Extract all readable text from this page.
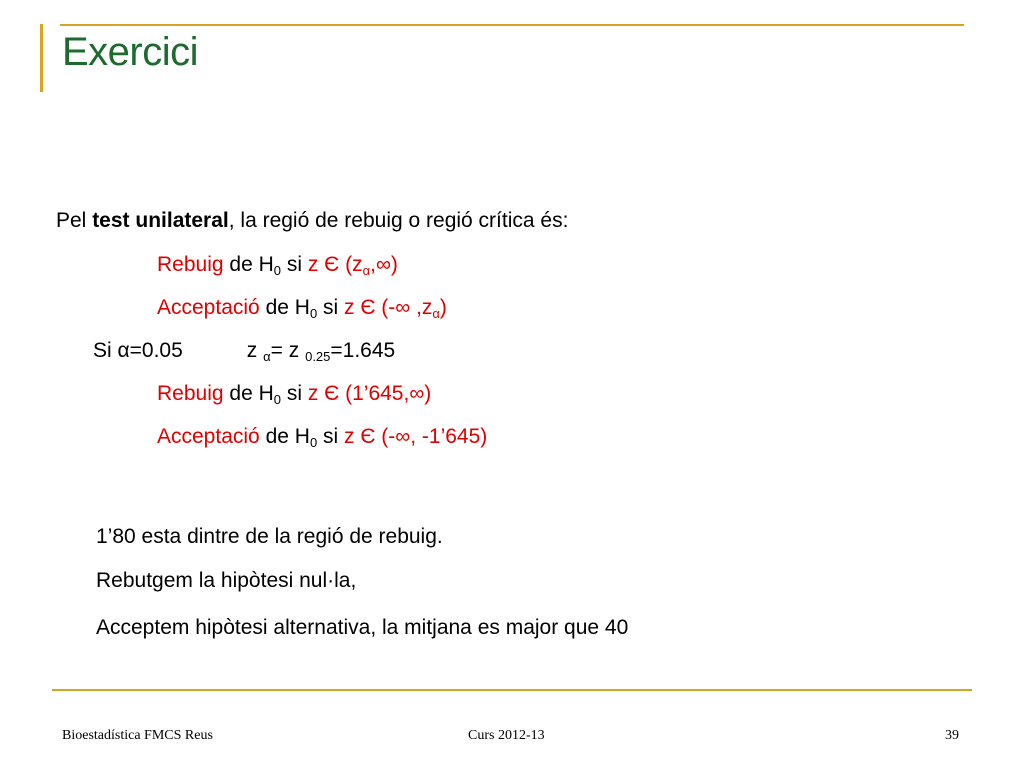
Exercici
Pel test unilateral, la regió de rebuig o regió crítica és:
Rebuig de $H_0$ si z Є $(z_\alpha,\infty)$
Acceptació de $H_0$ si z Є (-∞ $,z_\alpha$)
Si α=0.05	z $_\alpha$= z $_{0.25}$=1.645
Rebuig de $H_0$ si z Є (1’645,∞)
Acceptació de $H_0$ si z Є (-∞, -1’645)
1’80 esta dintre de la regió de rebuig.
Rebutgem la hipòtesi nul·la,
Acceptem hipòtesi alternativa, la mitjana es major que 40
Bioestadística FMCS Reus	Curs 2012-13	39
